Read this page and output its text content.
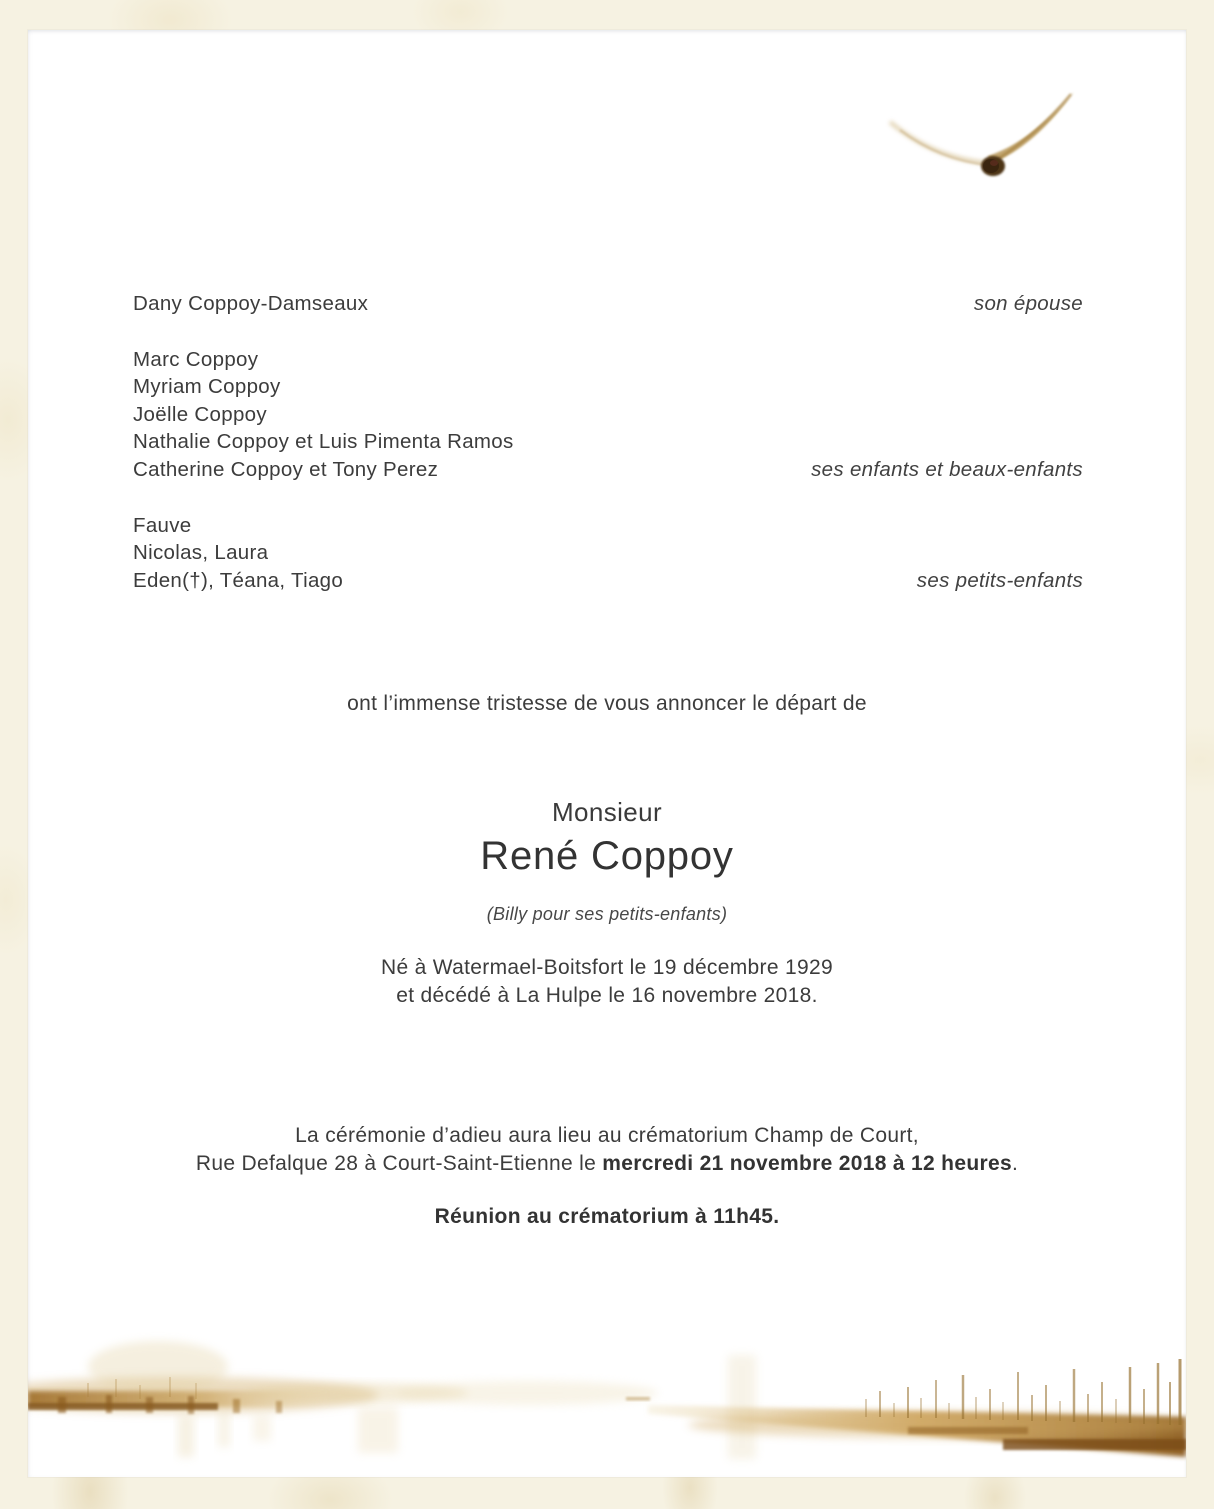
Dany Coppoy-Damseaux	son épouse
Marc Coppoy
Myriam Coppoy
Joëlle Coppoy
Nathalie Coppoy et Luis Pimenta Ramos
Catherine Coppoy et Tony Perez	ses enfants et beaux-enfants
Fauve
Nicolas, Laura
Eden(†), Téana, Tiago	ses petits-enfants
ont l’immense tristesse de vous annoncer le départ de
Monsieur
René Coppoy
(Billy pour ses petits-enfants)
Né à Watermael-Boitsfort le 19 décembre 1929
et décédé à La Hulpe le 16 novembre 2018.
La cérémonie d’adieu aura lieu au crématorium Champ de Court,
Rue Defalque 28 à Court-Saint-Etienne le mercredi 21 novembre 2018 à 12 heures.
Réunion au crématorium à 11h45.
